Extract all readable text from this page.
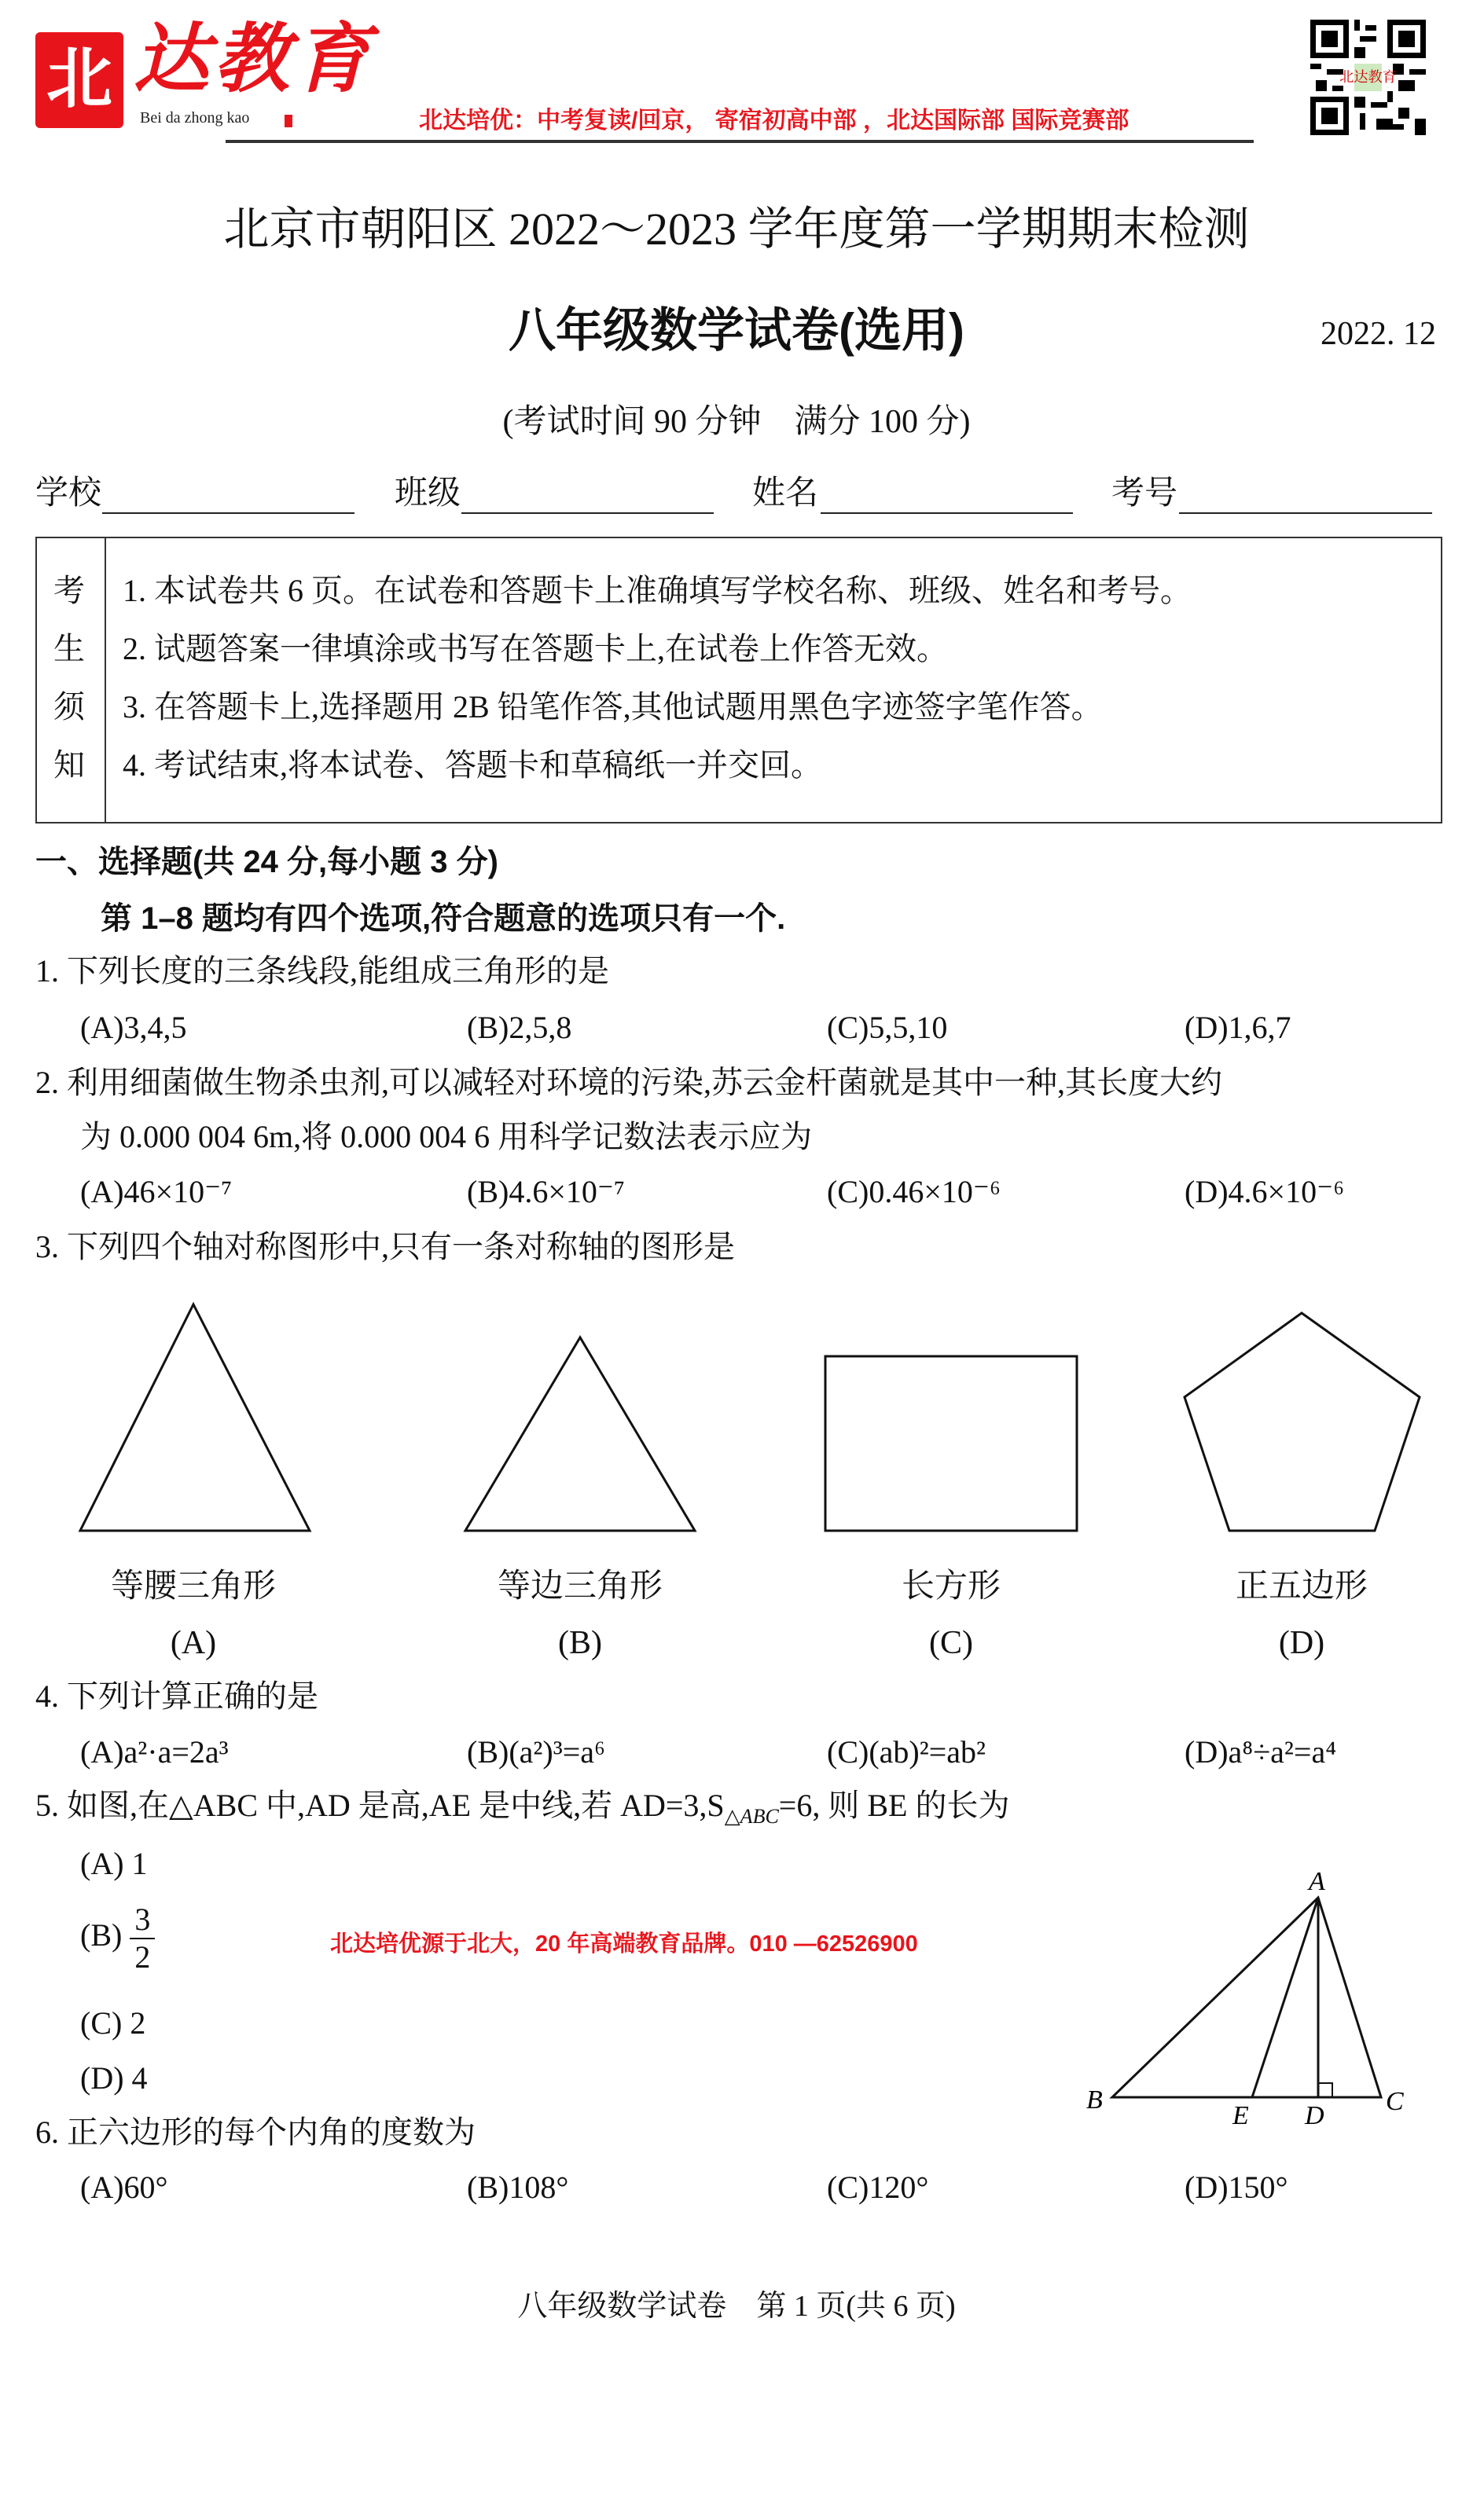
北 达教育
Bei da zhong kao	北达培优：中考复读/回京， 寄宿初高中部 ，北达国际部 国际竞赛部
北达教育
北京市朝阳区 2022～2023 学年度第一学期期末检测
八年级数学试卷(选用)	2022. 12
(考试时间 90 分钟　满分 100 分)
学校	班级	姓名	考号
考
生
须
知
1. 本试卷共 6 页。在试卷和答题卡上准确填写学校名称、班级、姓名和考号。
2. 试题答案一律填涂或书写在答题卡上,在试卷上作答无效。
3. 在答题卡上,选择题用 2B 铅笔作答,其他试题用黑色字迹签字笔作答。
4. 考试结束,将本试卷、答题卡和草稿纸一并交回。
一、选择题(共 24 分,每小题 3 分)
第 1–8 题均有四个选项,符合题意的选项只有一个.
1. 下列长度的三条线段,能组成三角形的是
(A)3,4,5	(B)2,5,8	(C)5,5,10	(D)1,6,7
2. 利用细菌做生物杀虫剂,可以减轻对环境的污染,苏云金杆菌就是其中一种,其长度大约
为 0.000 004 6m,将 0.000 004 6 用科学记数法表示应为
(A)46×10⁻⁷	(B)4.6×10⁻⁷	(C)0.46×10⁻⁶	(D)4.6×10⁻⁶
3. 下列四个轴对称图形中,只有一条对称轴的图形是
等腰三角形	等边三角形	长方形	正五边形
(A)	(B)	(C)	(D)
4. 下列计算正确的是
(A)a²·a=2a³	(B)(a²)³=a⁶	(C)(ab)²=ab²	(D)a⁸÷a²=a⁴
5. 如图,在△ABC 中,AD 是高,AE 是中线,若 $AD=3,S_{\triangle ABC}=6$, 则 BE 的长为
(A) 1
$(B) \frac{3}{2}$
(C) 2
(D) 4
北达培优源于北大，20 年高端教育品牌。010 —62526900
A
B	C
E D
6. 正六边形的每个内角的度数为
(A)60°	(B)108°	(C)120°	(D)150°
八年级数学试卷　第 1 页(共 6 页)
